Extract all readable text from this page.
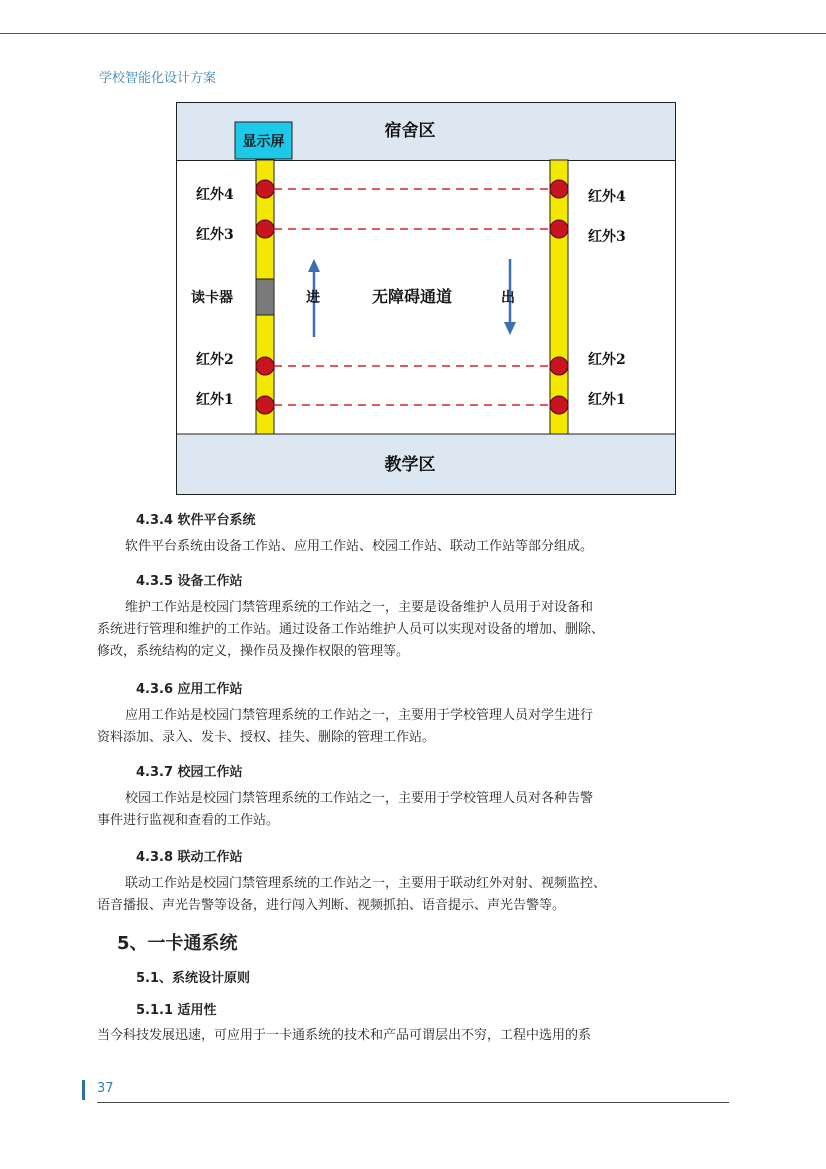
学校智能化设计方案
宿舍区
教学区
显示屏
红外4
红外3
读卡器
红外2
红外1
红外4
红外3
红外2
红外1
进	出
无障碍通道
4.3.4 软件平台系统
软件平台系统由设备工作站、应用工作站、校园工作站、联动工作站等部分组成。
4.3.5 设备工作站
维护工作站是校园门禁管理系统的工作站之一，主要是设备维护人员用于对设备和
系统进行管理和维护的工作站。通过设备工作站维护人员可以实现对设备的增加、删除、
修改，系统结构的定义，操作员及操作权限的管理等。
4.3.6 应用工作站
应用工作站是校园门禁管理系统的工作站之一，主要用于学校管理人员对学生进行
资料添加、录入、发卡、授权、挂失、删除的管理工作站。
4.3.7 校园工作站
校园工作站是校园门禁管理系统的工作站之一，主要用于学校管理人员对各种告警
事件进行监视和查看的工作站。
4.3.8 联动工作站
联动工作站是校园门禁管理系统的工作站之一，主要用于联动红外对射、视频监控、
语音播报、声光告警等设备，进行闯入判断、视频抓拍、语音提示、声光告警等。
5、一卡通系统
5.1、系统设计原则
5.1.1 适用性
当今科技发展迅速，可应用于一卡通系统的技术和产品可谓层出不穷，工程中选用的系
37
